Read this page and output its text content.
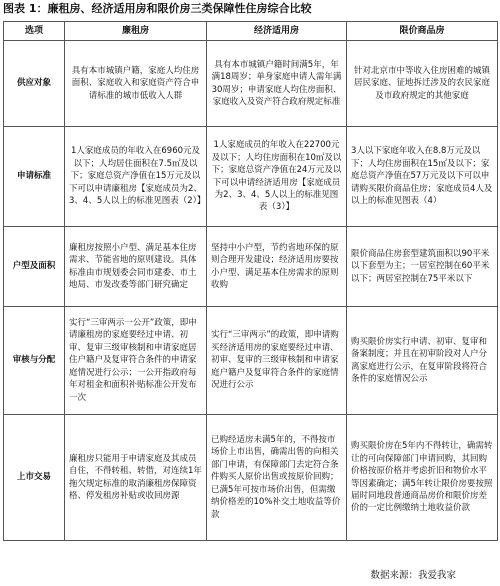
图表 1：廉租房、经济适用房和限价房三类保障性住房综合比较
选项	廉租房	经济适用房	限价商品房
供应对象	具有本市城镇户籍，家庭人均住房面积、家庭收入和家庭资产符合申请标准的城市低收入人群	具有本市城镇户籍时间满5年，年满18周岁；单身家庭申请人需年满30周岁；申请家庭人均住房面积、家庭收入及资产符合政府规定标准	针对北京市中等收入住房困难的城镇居民家庭、征地拆迁涉及的农民家庭及市政府规定的其他家庭
申请标准	1人家庭成员的年收入在6960元及以下；人均居住面积在7.5㎡及以下；家庭总资产净值在15万元及以下可以申请廉租房【家庭成员为2、3、4、5人以上的标准见图表（2）】	1人家庭成员的年收入在22700元及以下；人均住房面积在10㎡及以下；家庭总资产净值在24万元及以下可以申请经济适用房【家庭成员为2、3、4、5人以上的标准见图表（3）】	3人以下家庭年收入在8.8万元及以下；人均住房面积在15㎡及以下；家庭总资产净值在57万元及以下可以申请购买限价商品住房；家庭成员4人及以上的标准见图表（4）
户型及面积	廉租房按照小户型、满足基本住房需求、节能省地的原则建设。具体标准由市规划委会同市建委、市土地局、市发改委等部门研究确定	坚持中小户型，节约省地环保的原则合理开发建设；经济适用房要按小户型、满足基本住房需求的原则收购	限价商品住房套型建筑面积以90平米以下套型为主；一居室控制在60平米以下；两居室控制在75平米以下
审核与分配	实行“三审两示一公开”政策，即申请廉租房的家庭要经过申请、初审、复审三级审核制和申请家庭居住户籍户及复审符合条件的申请家庭情况进行公示；一公开指政府每年对租金和面积补贴标准公开发布一次	实行“三审两示”的政策，即申请购买经济适用房的家庭要经过申请、初审、复审的三级审核制和申请家庭户籍户及复审符合条件的家庭情况进行公示	购买限价房实行申请、初审、复审和备案制度；并且在初审阶段对人户分离家庭进行公示，在复审阶段将符合条件的家庭情况公示
上市交易	廉租房只能用于申请家庭及其成员自住，不得转租、转借，对连续1年拖欠规定标准的取消廉租房保障资格、停发租房补贴或收回房源	已购经适房未满5年的，不得按市场价上市出售，确需出售的向相关部门申请，有保障部门去定符合条件购买人原价出售或按原价回购；已满5年可按市场价出售，但需缴纳价格差的10%补交土地收益等价款	购买限价房在5年内不得转让，确需转让的可向保障部门申请回购，其回购价格按原价格并考虑折旧和物价水平等因素确定；满5年转让限价房要按照届时同地段普通商品房价和限价房差价的一定比例缴纳土地收益价款
数据来源：我爱我家
